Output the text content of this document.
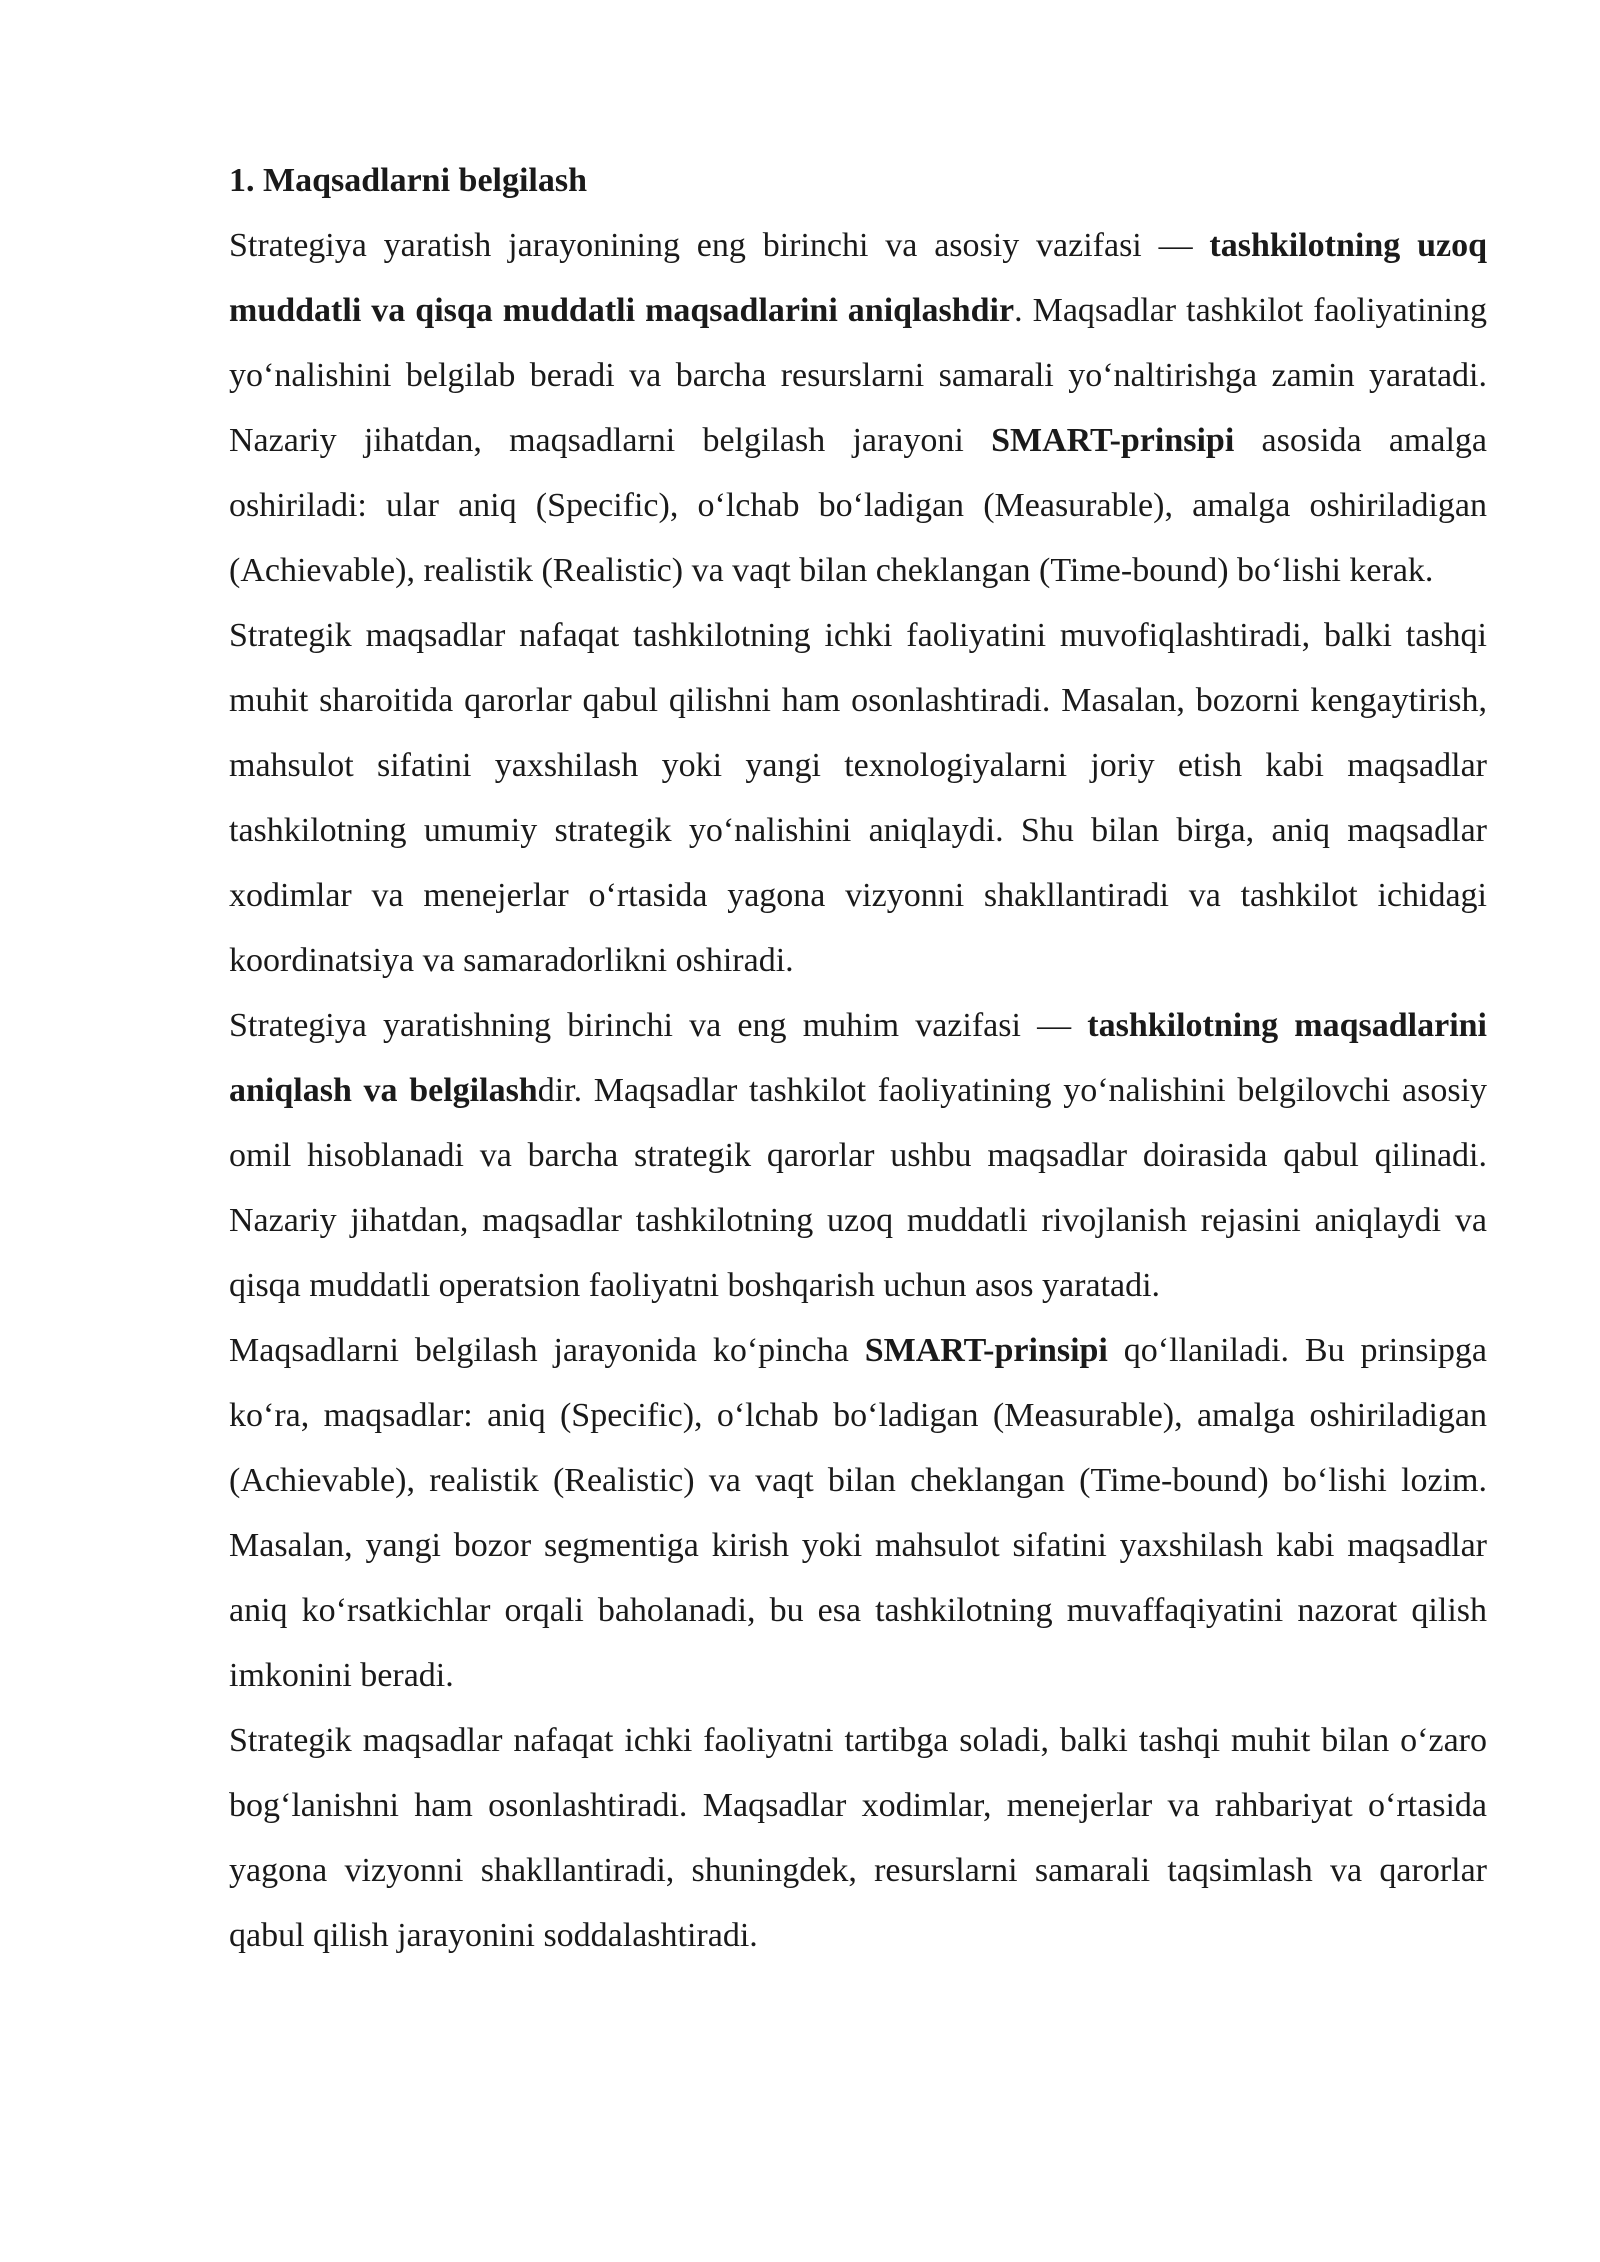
1. Maqsadlarni belgilash

Strategiya yaratish jarayonining eng birinchi va asosiy vazifasi — tashkilotning uzoq muddatli va qisqa muddatli maqsadlarini aniqlashdir. Maqsadlar tashkilot faoliyatining yo‘nalishini belgilab beradi va barcha resurslarni samarali yo‘naltirishga zamin yaratadi. Nazariy jihatdan, maqsadlarni belgilash jarayoni SMART-prinsipi asosida amalga oshiriladi: ular aniq (Specific), o‘lchab bo‘ladigan (Measurable), amalga oshiriladigan (Achievable), realistik (Realistic) va vaqt bilan cheklangan (Time-bound) bo‘lishi kerak.

Strategik maqsadlar nafaqat tashkilotning ichki faoliyatini muvofiqlashtiradi, balki tashqi muhit sharoitida qarorlar qabul qilishni ham osonlashtiradi. Masalan, bozorni kengaytirish, mahsulot sifatini yaxshilash yoki yangi texnologiyalarni joriy etish kabi maqsadlar tashkilotning umumiy strategik yo‘nalishini aniqlaydi. Shu bilan birga, aniq maqsadlar xodimlar va menejerlar o‘rtasida yagona vizyonni shakllantiradi va tashkilot ichidagi koordinatsiya va samaradorlikni oshiradi.

Strategiya yaratishning birinchi va eng muhim vazifasi — tashkilotning maqsadlarini aniqlash va belgilashdir. Maqsadlar tashkilot faoliyatining yo‘nalishini belgilovchi asosiy omil hisoblanadi va barcha strategik qarorlar ushbu maqsadlar doirasida qabul qilinadi. Nazariy jihatdan, maqsadlar tashkilotning uzoq muddatli rivojlanish rejasini aniqlaydi va qisqa muddatli operatsion faoliyatni boshqarish uchun asos yaratadi.

Maqsadlarni belgilash jarayonida ko‘pincha SMART-prinsipi qo‘llaniladi. Bu prinsipga ko‘ra, maqsadlar: aniq (Specific), o‘lchab bo‘ladigan (Measurable), amalga oshiriladigan (Achievable), realistik (Realistic) va vaqt bilan cheklangan (Time-bound) bo‘lishi lozim. Masalan, yangi bozor segmentiga kirish yoki mahsulot sifatini yaxshilash kabi maqsadlar aniq ko‘rsatkichlar orqali baholanadi, bu esa tashkilotning muvaffaqiyatini nazorat qilish imkonini beradi.

Strategik maqsadlar nafaqat ichki faoliyatni tartibga soladi, balki tashqi muhit bilan o‘zaro bog‘lanishni ham osonlashtiradi. Maqsadlar xodimlar, menejerlar va rahbariyat o‘rtasida yagona vizyonni shakllantiradi, shuningdek, resurslarni samarali taqsimlash va qarorlar qabul qilish jarayonini soddalashtiradi.
